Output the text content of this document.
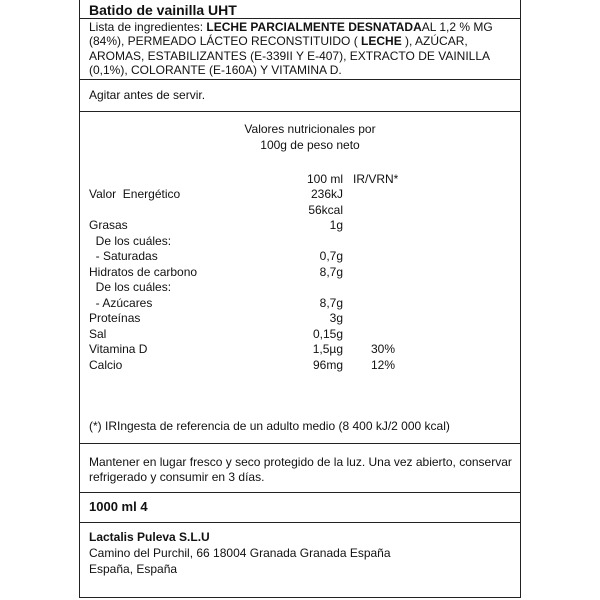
Batido de vainilla UHT
Lista de ingredientes: LECHE PARCIALMENTE DESNATADAAL 1,2 % MG (84%), PERMEADO LÁCTEO RECONSTITUIDO ( LECHE ), AZÚCAR, AROMAS, ESTABILIZANTES (E-339II Y E-407), EXTRACTO DE VAINILLA (0,1%), COLORANTE (E-160A) Y VITAMINA D.
Agitar antes de servir.
Valores nutricionales por
100g de peso neto
100 ml IR/VRN*
Valor  Energético	236kJ
56kcal
Grasas	1g
De los cuáles:
- Saturadas	0,7g
Hidratos de carbono	8,7g
De los cuáles:
- Azúcares	8,7g
Proteínas	3g
Sal	0,15g
Vitamina D	1,5µg 30%
Calcio	96mg 12%
(*) IRIngesta de referencia de un adulto medio (8 400 kJ/2 000 kcal)
Mantener en lugar fresco y seco protegido de la luz. Una vez abierto, conservar
refrigerado y consumir en 3 días.
1000 ml 4
Lactalis Puleva S.L.U
Camino del Purchil, 66 18004 Granada Granada España
España, España
